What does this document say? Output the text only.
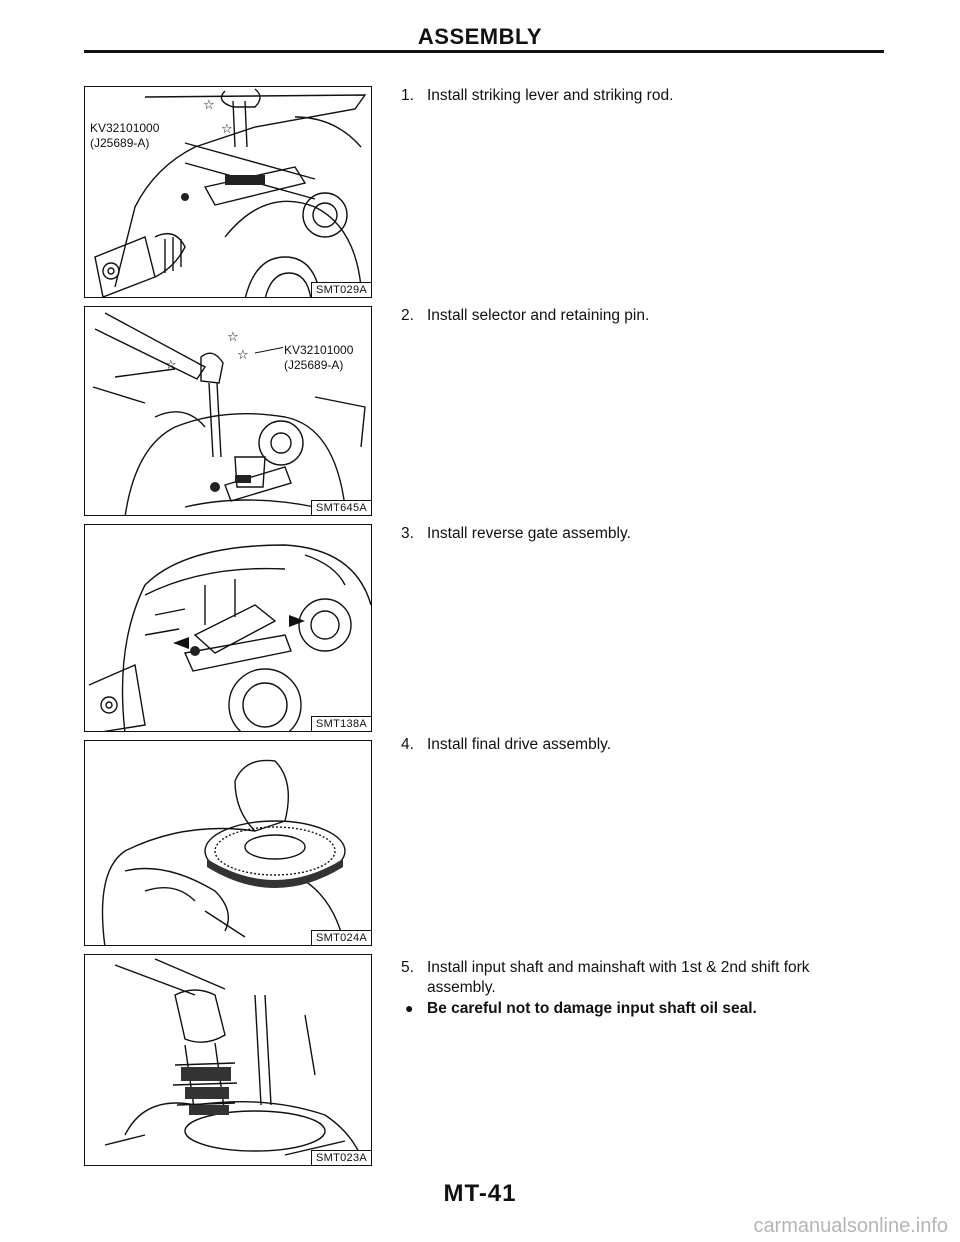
ASSEMBLY
☆
☆
KV32101000
(J25689-A)
SMT029A
☆
☆
☆
KV32101000
(J25689-A)
SMT645A
SMT138A
SMT024A
SMT023A
1. Install striking lever and striking rod.
2. Install selector and retaining pin.
3. Install reverse gate assembly.
4. Install final drive assembly.
5. Install input shaft and mainshaft with 1st & 2nd shift fork
assembly.
● Be careful not to damage input shaft oil seal.
MT-41
carmanualsonline.info
